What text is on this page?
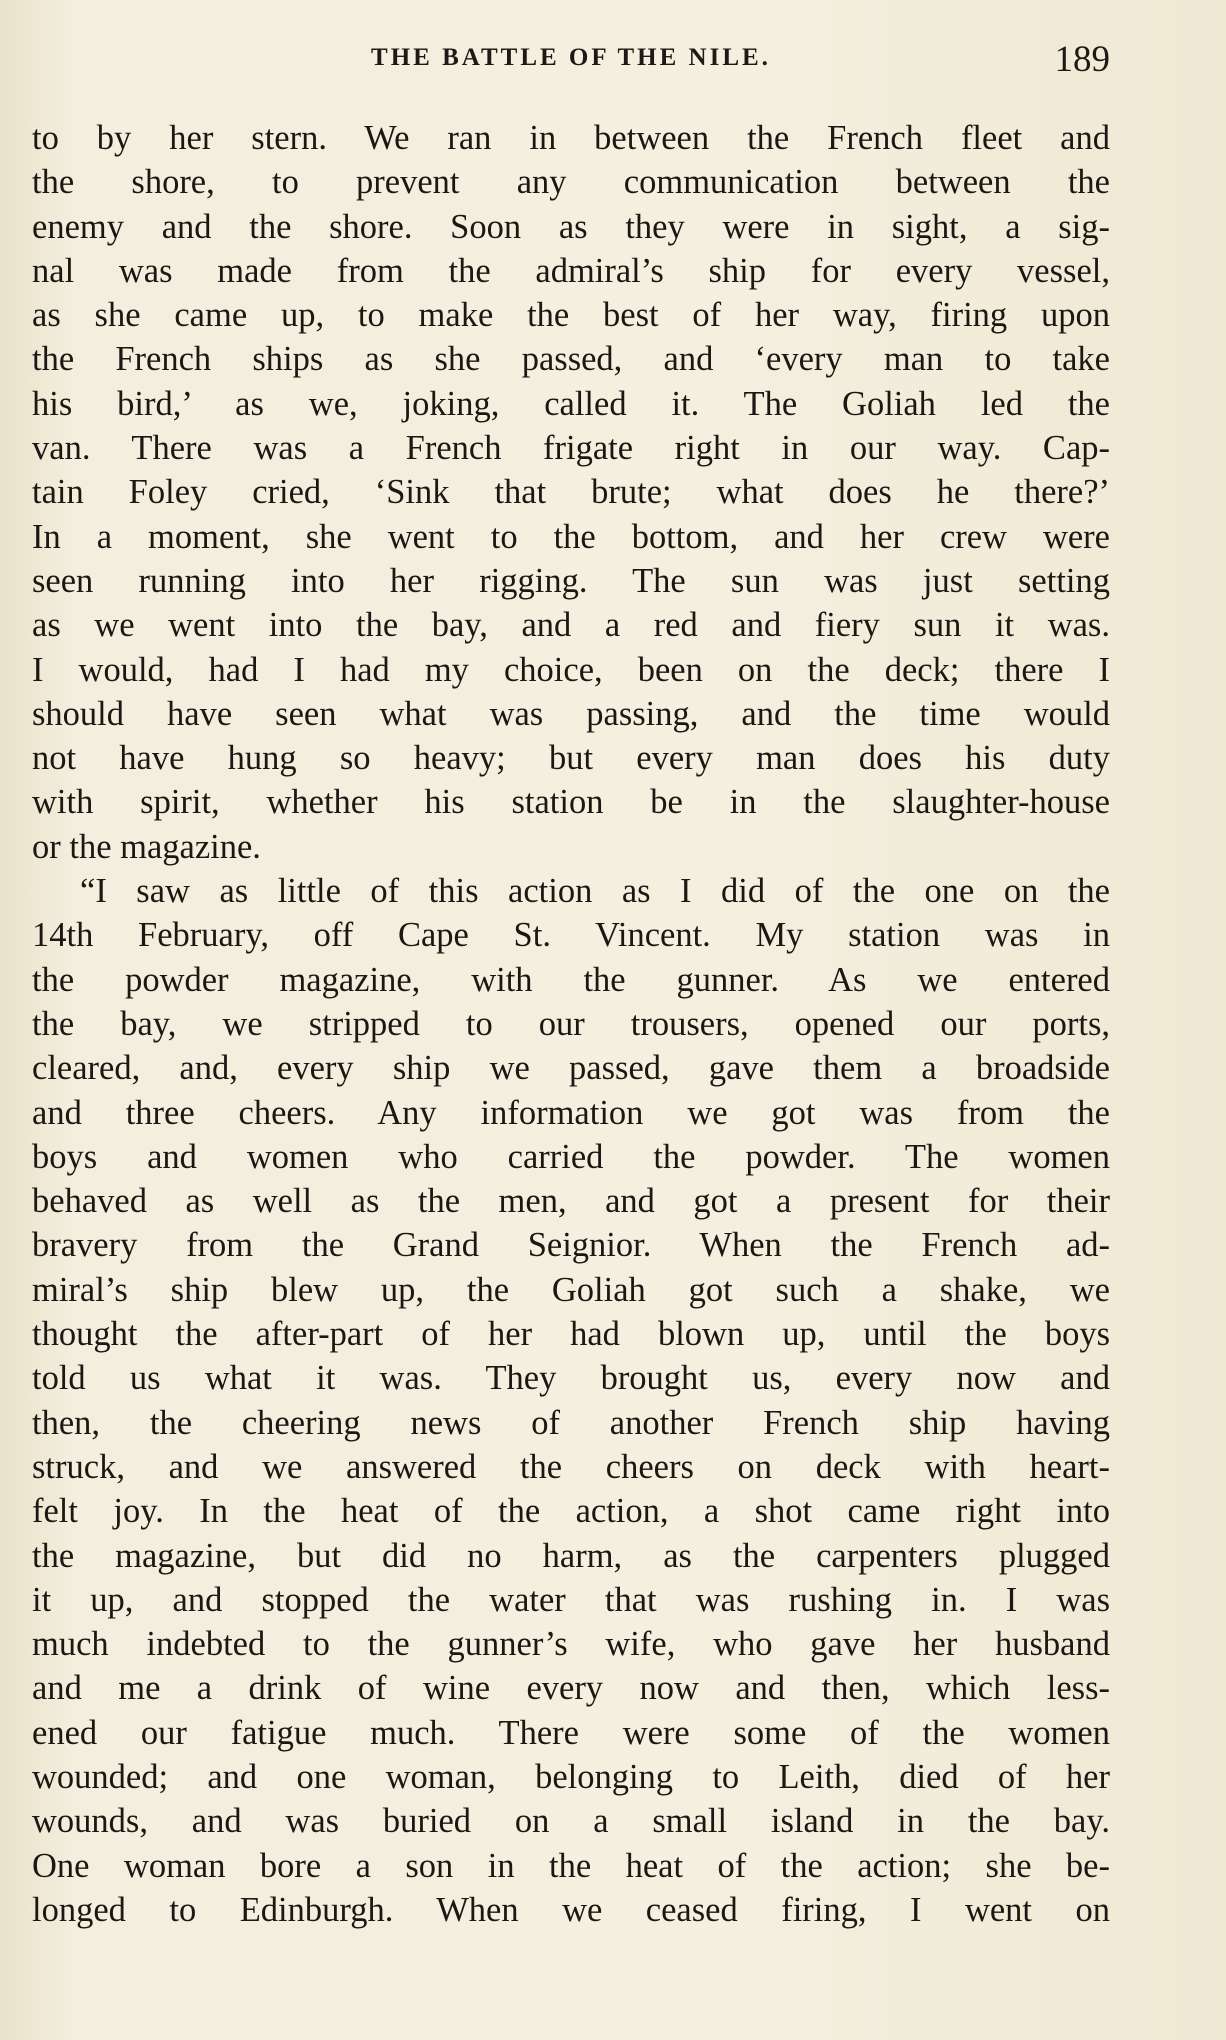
THE BATTLE OF THE NILE.	189
to by her stern. We ran in between the French fleet and
the shore, to prevent any communication between the
enemy and the shore. Soon as they were in sight, a sig-
nal was made from the admiral’s ship for every vessel,
as she came up, to make the best of her way, firing upon
the French ships as she passed, and ‘every man to take
his bird,’ as we, joking, called it. The Goliah led the
van. There was a French frigate right in our way. Cap-
tain Foley cried, ‘Sink that brute; what does he there?’
In a moment, she went to the bottom, and her crew were
seen running into her rigging. The sun was just setting
as we went into the bay, and a red and fiery sun it was.
I would, had I had my choice, been on the deck; there I
should have seen what was passing, and the time would
not have hung so heavy; but every man does his duty
with spirit, whether his station be in the slaughter-house
or the magazine.
“I saw as little of this action as I did of the one on the
14th February, off Cape St. Vincent. My station was in
the powder magazine, with the gunner. As we entered
the bay, we stripped to our trousers, opened our ports,
cleared, and, every ship we passed, gave them a broadside
and three cheers. Any information we got was from the
boys and women who carried the powder. The women
behaved as well as the men, and got a present for their
bravery from the Grand Seignior. When the French ad-
miral’s ship blew up, the Goliah got such a shake, we
thought the after-part of her had blown up, until the boys
told us what it was. They brought us, every now and
then, the cheering news of another French ship having
struck, and we answered the cheers on deck with heart-
felt joy. In the heat of the action, a shot came right into
the magazine, but did no harm, as the carpenters plugged
it up, and stopped the water that was rushing in. I was
much indebted to the gunner’s wife, who gave her husband
and me a drink of wine every now and then, which less-
ened our fatigue much. There were some of the women
wounded; and one woman, belonging to Leith, died of her
wounds, and was buried on a small island in the bay.
One woman bore a son in the heat of the action; she be-
longed to Edinburgh. When we ceased firing, I went on
